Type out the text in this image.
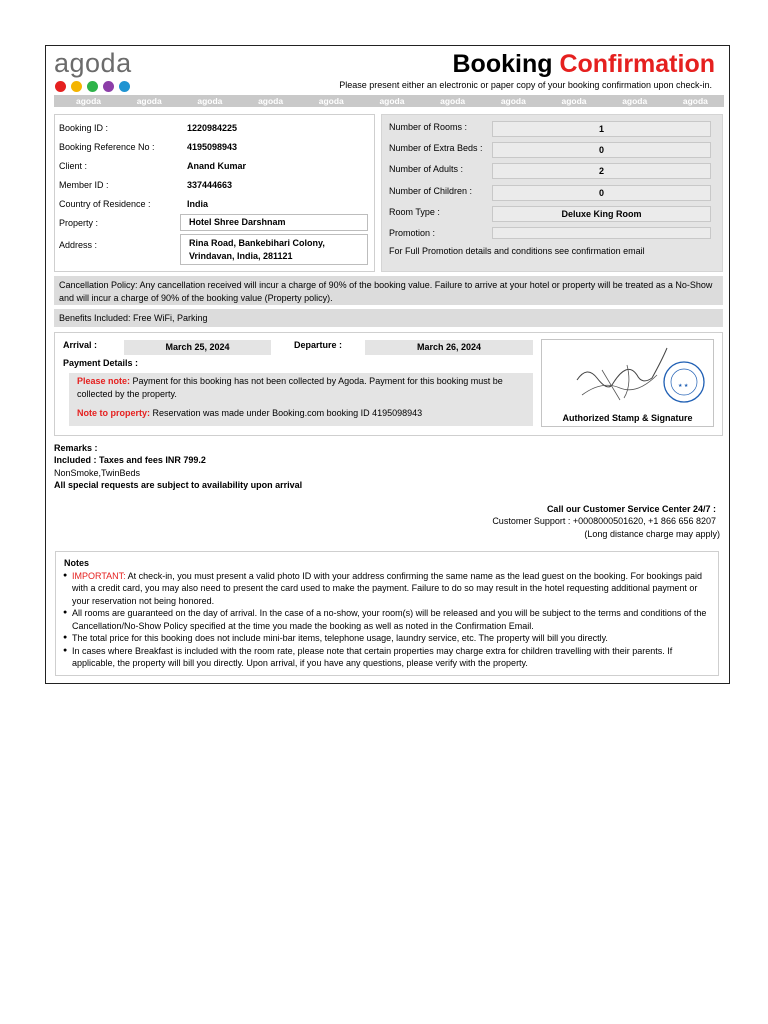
agoda	Booking Confirmation
Please present either an electronic or paper copy of your booking confirmation upon check-in.
agoda	agoda	agoda	agoda	agoda	agoda	agoda	agoda	agoda	agoda	agoda
Booking ID :	1220984225
Booking Reference No :	4195098943
Client :	Anand Kumar
Member ID :	337444663
Country of Residence :	India
Property :	Hotel Shree Darshnam
Address :	Rina Road, Bankebihari Colony,
Vrindavan, India, 281121
Number of Rooms :	1
Number of Extra Beds :	0
Number of Adults :	2
Number of Children :	0
Room Type :	Deluxe King Room
Promotion :
For Full Promotion details and conditions see confirmation email
Cancellation Policy: Any cancellation received will incur a charge of 90% of the booking value. Failure to arrive at your hotel or property will be treated as a No-Show and will incur a charge of 90% of the booking value (Property policy).
Benefits Included: Free WiFi, Parking
Arrival :	March 25, 2024	Departure :	March 26, 2024
Payment Details :
Please note: Payment for this booking has not been collected by Agoda. Payment for this booking must be collected by the property.
Note to property: Reservation was made under Booking.com booking ID 4195098943
★ ★
Authorized Stamp & Signature
Remarks :
Included : Taxes and fees INR 799.2
NonSmoke,TwinBeds
All special requests are subject to availability upon arrival
Call our Customer Service Center 24/7 :
Customer Support : +0008000501620, +1 866 656 8207
(Long distance charge may apply)
Notes
● IMPORTANT: At check-in, you must present a valid photo ID with your address confirming the same name as the lead guest on the booking. For bookings paid with a credit card, you may also need to present the card used to make the payment. Failure to do so may result in the hotel requesting additional payment or your reservation not being honored.
● All rooms are guaranteed on the day of arrival. In the case of a no-show, your room(s) will be released and you will be subject to the terms and conditions of the Cancellation/No-Show Policy specified at the time you made the booking as well as noted in the Confirmation Email.
● The total price for this booking does not include mini-bar items, telephone usage, laundry service, etc. The property will bill you directly.
● In cases where Breakfast is included with the room rate, please note that certain properties may charge extra for children travelling with their parents. If applicable, the property will bill you directly. Upon arrival, if you have any questions, please verify with the property.
